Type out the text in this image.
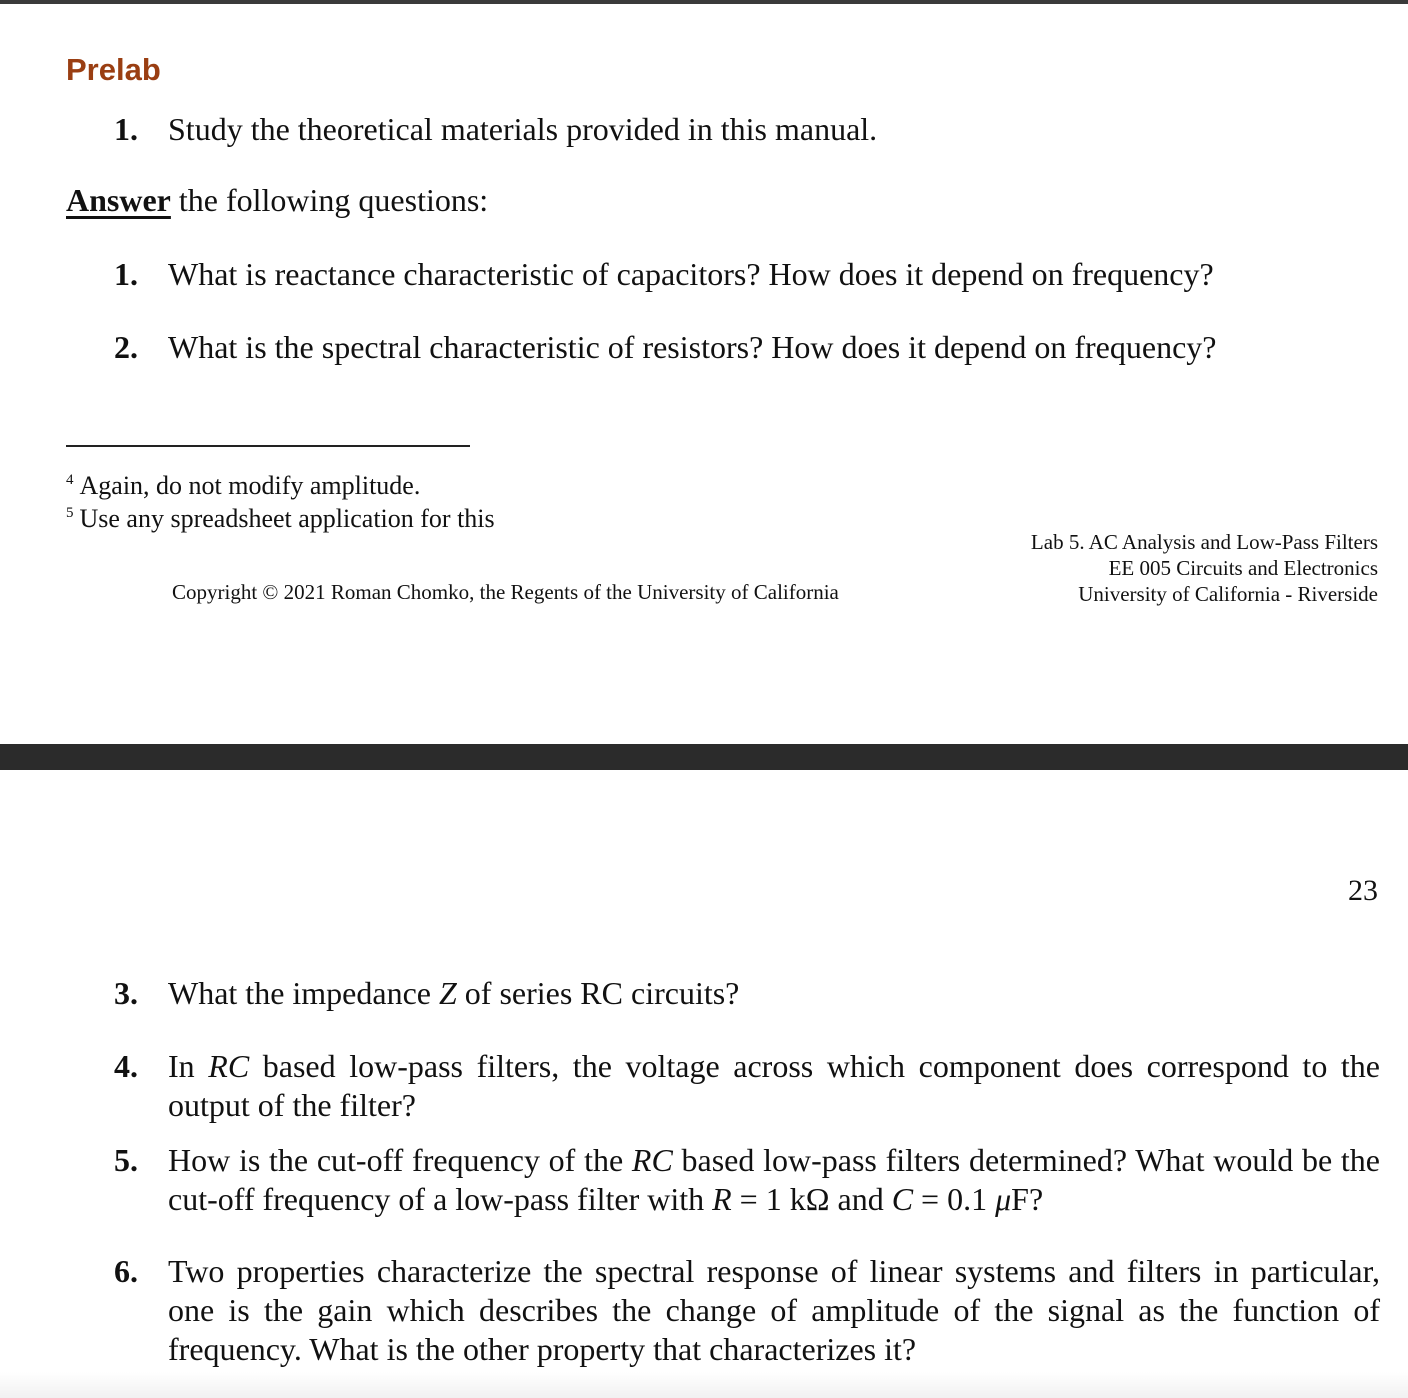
Prelab
1. Study the theoretical materials provided in this manual.
Answer the following questions:
1. What is reactance characteristic of capacitors? How does it depend on frequency?
2. What is the spectral characteristic of resistors? How does it depend on frequency?
$^4$ Again, do not modify amplitude.
$^5$ Use any spreadsheet application for this
Copyright © 2021 Roman Chomko, the Regents of the University of California
Lab 5. AC Analysis and Low-Pass Filters
EE 005 Circuits and Electronics
University of California - Riverside
23
3. What the impedance Z of series RC circuits?
4. In RC based low-pass filters, the voltage across which component does correspond to the output of the filter?
5. How is the cut-off frequency of the RC based low-pass filters determined? What would be the cut-off frequency of a low-pass filter with R = 1 kΩ and C = 0.1 μF?
6. Two properties characterize the spectral response of linear systems and filters in particular, one is the gain which describes the change of amplitude of the signal as the function of frequency. What is the other property that characterizes it?
